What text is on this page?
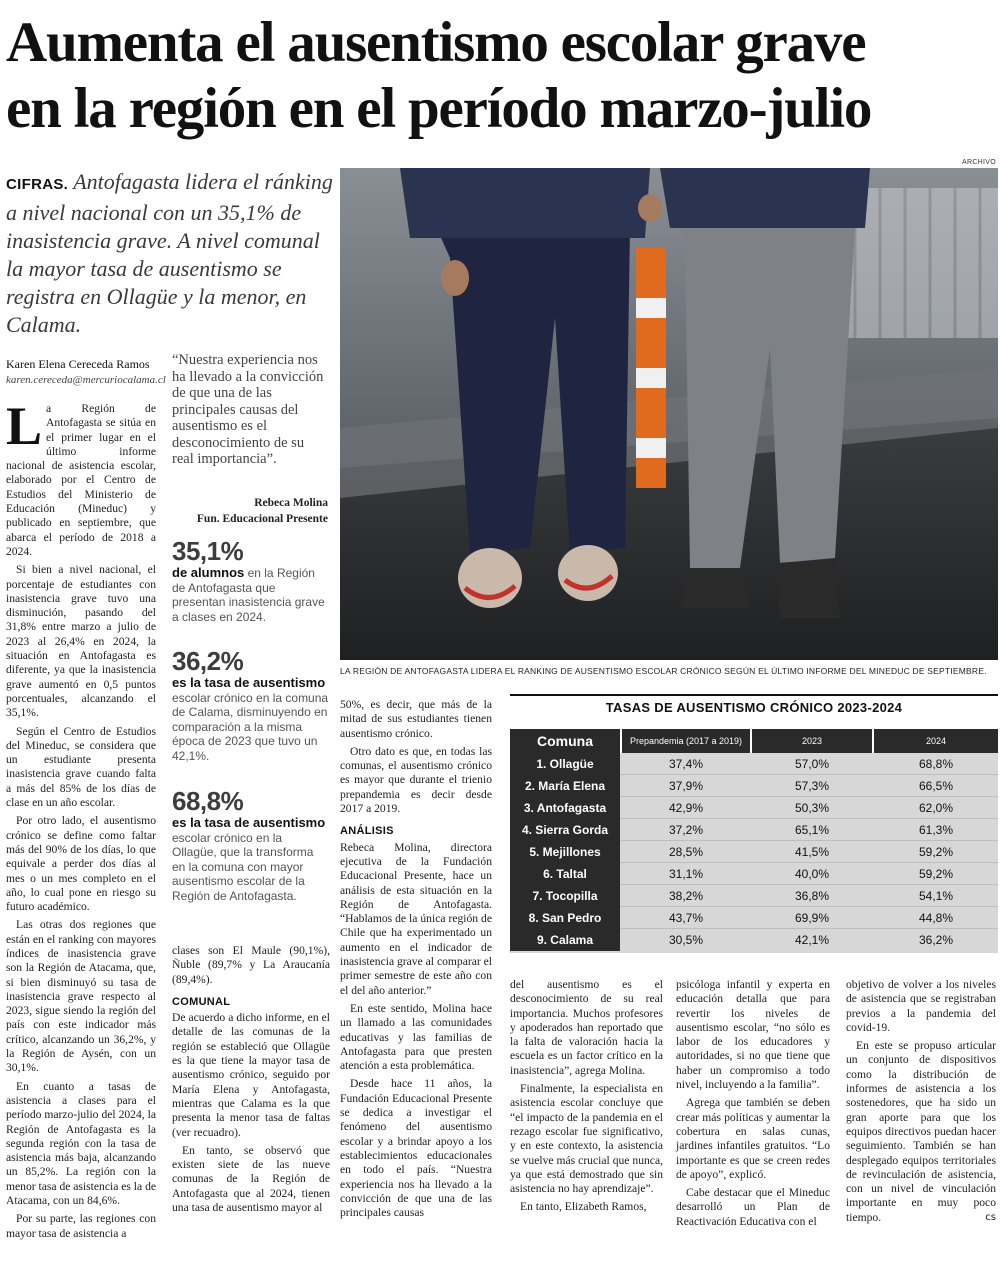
Aumenta el ausentismo escolar grave
en la región en el período marzo-julio
CIFRAS. Antofagasta lidera el ránking a nivel nacional con un 35,1% de inasistencia grave. A nivel comunal la mayor tasa de ausentismo se registra en Ollagüe y la menor, en Calama.
Karen Elena Cereceda Ramos
karen.cereceda@mercuriocalama.cl

La Región de Antofagasta se sitúa en el primer lugar en el último informe nacional de asistencia escolar, elaborado por el Centro de Estudios del Ministerio de Educación (Mineduc) y publicado en septiembre, que abarca el período de 2018 a 2024.

Si bien a nivel nacional, el porcentaje de estudiantes con inasistencia grave tuvo una disminución, pasando del 31,8% entre marzo a julio de 2023 al 26,4% en 2024, la situación en Antofagasta es diferente, ya que la inasistencia grave aumentó en 0,5 puntos porcentuales, alcanzando el 35,1%.

Según el Centro de Estudios del Mineduc, se considera que un estudiante presenta inasistencia grave cuando falta a más del 85% de los días de clase en un año escolar.

Por otro lado, el ausentismo crónico se define como faltar más del 90% de los días, lo que equivale a perder dos días al mes o un mes completo en el año, lo cual pone en riesgo su futuro académico.

Las otras dos regiones que están en el ranking con mayores índices de inasistencia grave son la Región de Atacama, que, si bien disminuyó su tasa de inasistencia grave respecto al 2023, sigue siendo la región del país con este indicador más crítico, alcanzando un 36,2%, y la Región de Aysén, con un 30,1%.

En cuanto a tasas de asistencia a clases para el período marzo-julio del 2024, la Región de Antofagasta es la segunda región con la tasa de asistencia más baja, alcanzando un 85,2%. La región con la menor tasa de asistencia es la de Atacama, con un 84,6%.

Por su parte, las regiones con mayor tasa de asistencia a

“Nuestra experiencia nos ha llevado a la convicción de que una de las principales causas del ausentismo es el desconocimiento de su real importancia”.
Rebeca Molina
Fun. Educacional Presente
35,1%
de alumnos en la Región de Antofagasta que presentan inasistencia grave a clases en 2024.
36,2%
es la tasa de ausentismo escolar crónico en la comuna de Calama, disminuyendo en comparación a la misma época de 2023 que tuvo un 42,1%.
68,8%
es la tasa de ausentismo escolar crónico en la Ollagüe, que la transforma en la comuna con mayor ausentismo escolar de la Región de Antofagasta.

clases son El Maule (90,1%), Ñuble (89,7% y La Araucanía (89,4%).

COMUNAL

De acuerdo a dicho informe, en el detalle de las comunas de la región se estableció que Ollagüe es la que tiene la mayor tasa de ausentismo crónico, seguido por María Elena y Antofagasta, mientras que Calama es la que presenta la menor tasa de faltas (ver recuadro).

En tanto, se observó que existen siete de las nueve comunas de la Región de Antofagasta que al 2024, tienen una tasa de ausentismo mayor al

ARCHIVO
LA REGIÓN DE ANTOFAGASTA LIDERA EL RANKING DE AUSENTISMO ESCOLAR CRÓNICO SEGÚN EL ÚLTIMO INFORME DEL MINEDUC DE SEPTIEMBRE.

50%, es decir, que más de la mitad de sus estudiantes tienen ausentismo crónico.

Otro dato es que, en todas las comunas, el ausentismo crónico es mayor que durante el trienio prepandemia es decir desde 2017 a 2019.

ANÁLISIS

Rebeca Molina, directora ejecutiva de la Fundación Educacional Presente, hace un análisis de esta situación en la Región de Antofagasta. “Hablamos de la única región de Chile que ha experimentado un aumento en el indicador de inasistencia grave al comparar el primer semestre de este año con el del año anterior.”

En este sentido, Molina hace un llamado a las comunidades educativas y las familias de Antofagasta para que presten atención a esta problemática.

Desde hace 11 años, la Fundación Educacional Presente se dedica a investigar el fenómeno del ausentismo escolar y a brindar apoyo a los establecimientos educacionales en todo el país. “Nuestra experiencia nos ha llevado a la convicción de que una de las principales causas

TASAS DE AUSENTISMO CRÓNICO 2023-2024
Comuna	Prepandemia (2017 a 2019)	2023	2024
1. Ollagüe	37,4%	57,0%	68,8%
2. María Elena	37,9%	57,3%	66,5%
3. Antofagasta	42,9%	50,3%	62,0%
4. Sierra Gorda	37,2%	65,1%	61,3%
5. Mejillones	28,5%	41,5%	59,2%
6. Taltal	31,1%	40,0%	59,2%
7. Tocopilla	38,2%	36,8%	54,1%
8. San Pedro	43,7%	69,9%	44,8%
9. Calama	30,5%	42,1%	36,2%

del ausentismo es el desconocimiento de su real importancia. Muchos profesores y apoderados han reportado que la falta de valoración hacia la escuela es un factor crítico en la inasistencia”, agrega Molina.

Finalmente, la especialista en asistencia escolar concluye que “el impacto de la pandemia en el rezago escolar fue significativo, y en este contexto, la asistencia se vuelve más crucial que nunca, ya que está demostrado que sin asistencia no hay aprendizaje”.

En tanto, Elizabeth Ramos,

psicóloga infantil y experta en educación detalla que para revertir los niveles de ausentismo escolar, “no sólo es labor de los educadores y autoridades, si no que tiene que haber un compromiso a todo nivel, incluyendo a la familia”.

Agrega que también se deben crear más políticas y aumentar la cobertura en salas cunas, jardines infantiles gratuitos. “Lo importante es que se creen redes de apoyo”, explicó.

Cabe destacar que el Mineduc desarrolló un Plan de Reactivación Educativa con el

objetivo de volver a los niveles de asistencia que se registraban previos a la pandemia del covid-19.

En este se propuso articular un conjunto de dispositivos como la distribución de informes de asistencia a los sostenedores, que ha sido un gran aporte para que los equipos directivos puedan hacer seguimiento. También se han desplegado equipos territoriales de revinculación de asistencia, con un nivel de vinculación importante en muy poco tiempo.	cs
